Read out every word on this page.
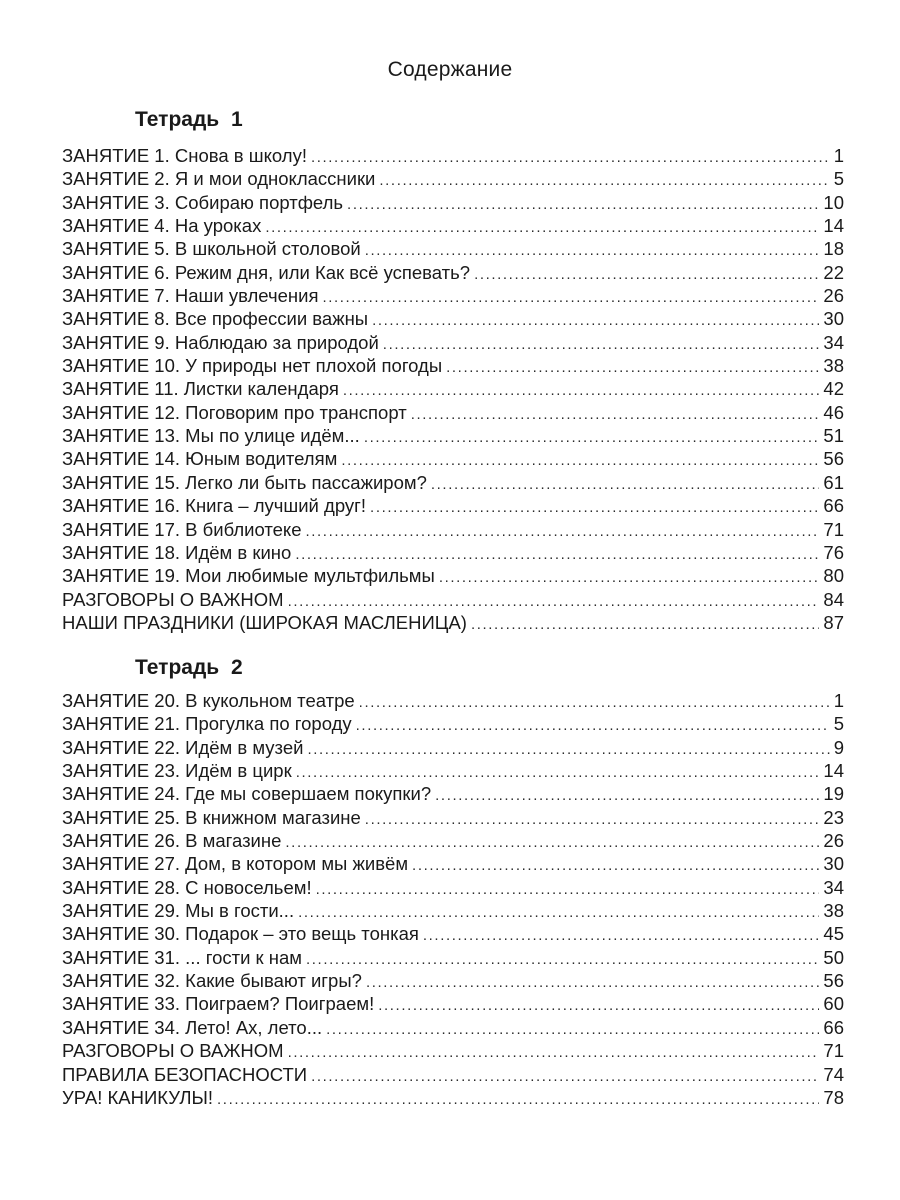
Содержание
Тетрадь 1
ЗАНЯТИЕ 1. Снова в школу! .....	1
ЗАНЯТИЕ 2. Я и мои одноклассники .....	5
ЗАНЯТИЕ 3. Собираю портфель .....	10
ЗАНЯТИЕ 4. На уроках .....	14
ЗАНЯТИЕ 5. В школьной столовой .....	18
ЗАНЯТИЕ 6. Режим дня, или Как всё успевать? .....	22
ЗАНЯТИЕ 7. Наши увлечения .....	26
ЗАНЯТИЕ 8. Все профессии важны .....	30
ЗАНЯТИЕ 9. Наблюдаю за природой .....	34
ЗАНЯТИЕ 10. У природы нет плохой погоды .....	38
ЗАНЯТИЕ 11. Листки календаря .....	42
ЗАНЯТИЕ 12. Поговорим про транспорт .....	46
ЗАНЯТИЕ 13. Мы по улице идём... .....	51
ЗАНЯТИЕ 14. Юным водителям .....	56
ЗАНЯТИЕ 15. Легко ли быть пассажиром? .....	61
ЗАНЯТИЕ 16. Книга – лучший друг! .....	66
ЗАНЯТИЕ 17. В библиотеке .....	71
ЗАНЯТИЕ 18. Идём в кино .....	76
ЗАНЯТИЕ 19. Мои любимые мультфильмы .....	80
РАЗГОВОРЫ О ВАЖНОМ .....	84
НАШИ ПРАЗДНИКИ (ШИРОКАЯ МАСЛЕНИЦА) .....	87
Тетрадь 2
ЗАНЯТИЕ 20. В кукольном театре .....	1
ЗАНЯТИЕ 21. Прогулка по городу .....	5
ЗАНЯТИЕ 22. Идём в музей .....	9
ЗАНЯТИЕ 23. Идём в цирк .....	14
ЗАНЯТИЕ 24. Где мы совершаем покупки? .....	19
ЗАНЯТИЕ 25. В книжном магазине .....	23
ЗАНЯТИЕ 26. В магазине .....	26
ЗАНЯТИЕ 27. Дом, в котором мы живём .....	30
ЗАНЯТИЕ 28. С новосельем! .....	34
ЗАНЯТИЕ 29. Мы в гости... .....	38
ЗАНЯТИЕ 30. Подарок – это вещь тонкая .....	45
ЗАНЯТИЕ 31. ... гости к нам .....	50
ЗАНЯТИЕ 32. Какие бывают игры? .....	56
ЗАНЯТИЕ 33. Поиграем? Поиграем! .....	60
ЗАНЯТИЕ 34. Лето! Ах, лето... .....	66
РАЗГОВОРЫ О ВАЖНОМ .....	71
ПРАВИЛА БЕЗОПАСНОСТИ .....	74
УРА! КАНИКУЛЫ! .....	78
